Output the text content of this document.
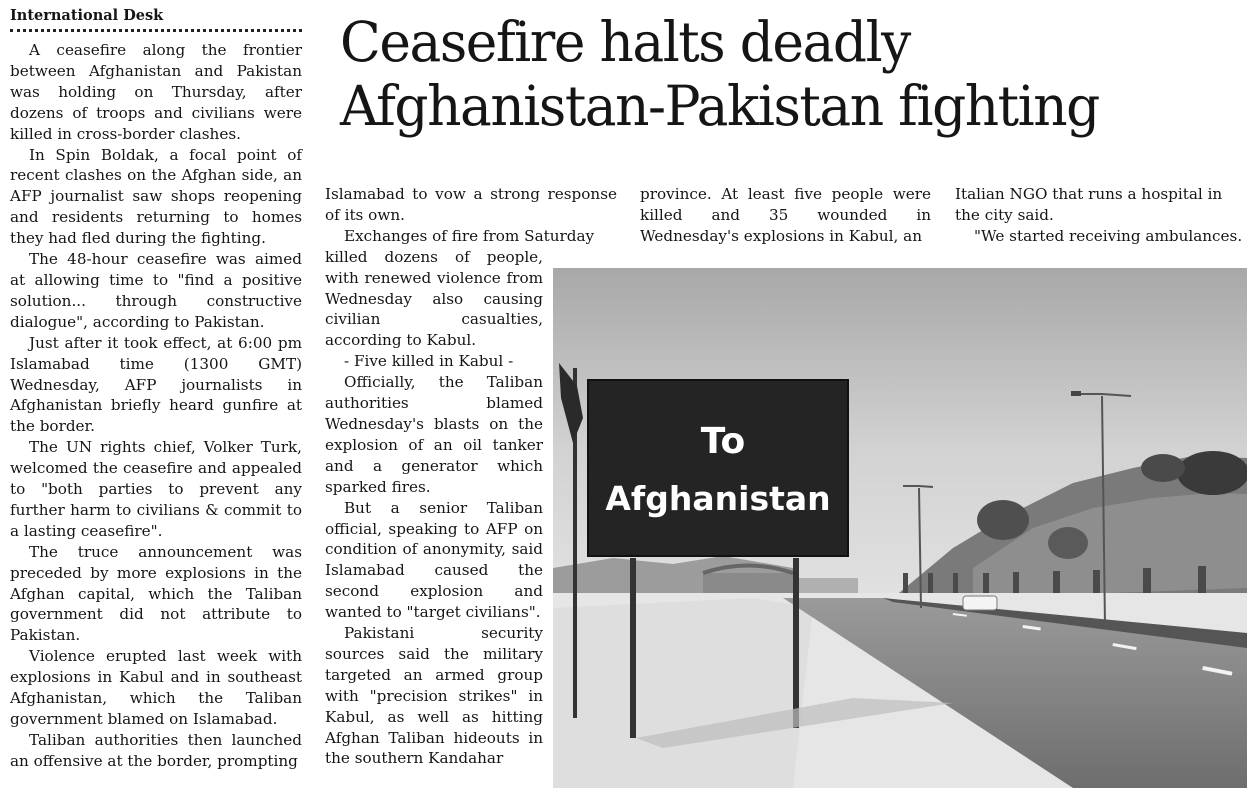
International Desk

A ceasefire along the frontier between Afghanistan and Pakistan was holding on Thursday, after dozens of troops and civilians were killed in cross-border clashes.

In Spin Boldak, a focal point of recent clashes on the Afghan side, an AFP journalist saw shops reopening and residents returning to homes they had fled during the fighting.

The 48-hour ceasefire was aimed at allowing time to "find a positive solution... through constructive dialogue", according to Pakistan.

Just after it took effect, at 6:00 pm Islamabad time (1300 GMT) Wednesday, AFP journalists in Afghanistan briefly heard gunfire at the border.

The UN rights chief, Volker Turk, welcomed the ceasefire and appealed to "both parties to prevent any further harm to civilians & commit to a lasting ceasefire".

The truce announcement was preceded by more explosions in the Afghan capital, which the Taliban government did not attribute to Pakistan.

Violence erupted last week with explosions in Kabul and in southeast Afghanistan, which the Taliban government blamed on Islamabad.

Taliban authorities then launched an offensive at the border, prompting

Ceasefire halts deadly Afghanistan-Pakistan fighting

Islamabad to vow a strong response of its own.

Exchanges of fire from Saturday

killed dozens of people, with renewed violence from Wednesday also causing civilian casualties, according to Kabul.

- Five killed in Kabul -

Officially, the Taliban authorities blamed Wednesday's blasts on the explosion of an oil tanker and a generator which sparked fires.

But a senior Taliban official, speaking to AFP on condition of anonymity, said Islamabad caused the second explosion and wanted to "target civilians".

Pakistani security sources said the military targeted an armed group with "precision strikes" in Kabul, as well as hitting Afghan Taliban hideouts in the southern Kandahar

province. At least five people were killed and 35 wounded in Wednesday's explosions in Kabul, an

Italian NGO that runs a hospital in the city said.

"We started receiving ambulances.

To
Afghanistan
